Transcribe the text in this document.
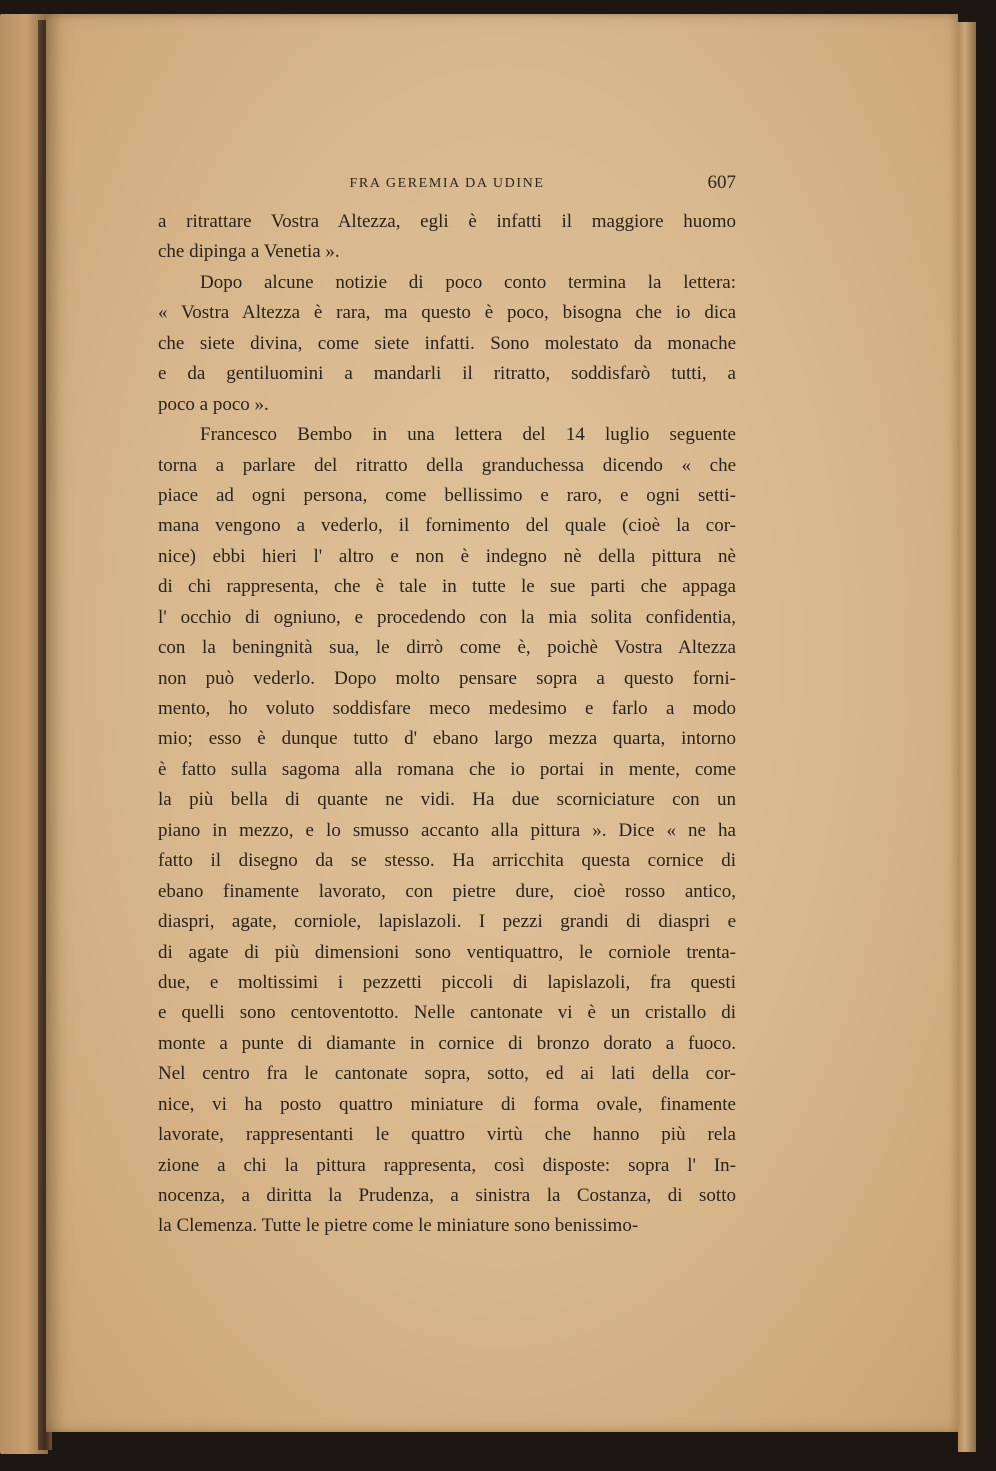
FRA GEREMIA DA UDINE	607
a ritrattare Vostra Altezza, egli è infatti il maggiore huomo
che dipinga a Venetia ».
Dopo alcune notizie di poco conto termina la lettera:
« Vostra Altezza è rara, ma questo è poco, bisogna che io dica
che siete divina, come siete infatti. Sono molestato da monache
e da gentiluomini a mandarli il ritratto, soddisfarò tutti, a
poco a poco ».
Francesco Bembo in una lettera del 14 luglio seguente
torna a parlare del ritratto della granduchessa dicendo « che
piace ad ogni persona, come bellissimo e raro, e ogni setti-
mana vengono a vederlo, il fornimento del quale (cioè la cor-
nice) ebbi hieri l' altro e non è indegno nè della pittura nè
di chi rappresenta, che è tale in tutte le sue parti che appaga
l' occhio di ogniuno, e procedendo con la mia solita confidentia,
con la beningnità sua, le dirrò come è, poichè Vostra Altezza
non può vederlo. Dopo molto pensare sopra a questo forni-
mento, ho voluto soddisfare meco medesimo e farlo a modo
mio; esso è dunque tutto d' ebano largo mezza quarta, intorno
è fatto sulla sagoma alla romana che io portai in mente, come
la più bella di quante ne vidi. Ha due scorniciature con un
piano in mezzo, e lo smusso accanto alla pittura ». Dice « ne ha
fatto il disegno da se stesso. Ha arricchita questa cornice di
ebano finamente lavorato, con pietre dure, cioè rosso antico,
diaspri, agate, corniole, lapislazoli. I pezzi grandi di diaspri e
di agate di più dimensioni sono ventiquattro, le corniole trenta-
due, e moltissimi i pezzetti piccoli di lapislazoli, fra questi
e quelli sono centoventotto. Nelle cantonate vi è un cristallo di
monte a punte di diamante in cornice di bronzo dorato a fuoco.
Nel centro fra le cantonate sopra, sotto, ed ai lati della cor-
nice, vi ha posto quattro miniature di forma ovale, finamente
lavorate, rappresentanti le quattro virtù che hanno più rela
zione a chi la pittura rappresenta, così disposte: sopra l' In-
nocenza, a diritta la Prudenza, a sinistra la Costanza, di sotto
la Clemenza. Tutte le pietre come le miniature sono benissimo-
